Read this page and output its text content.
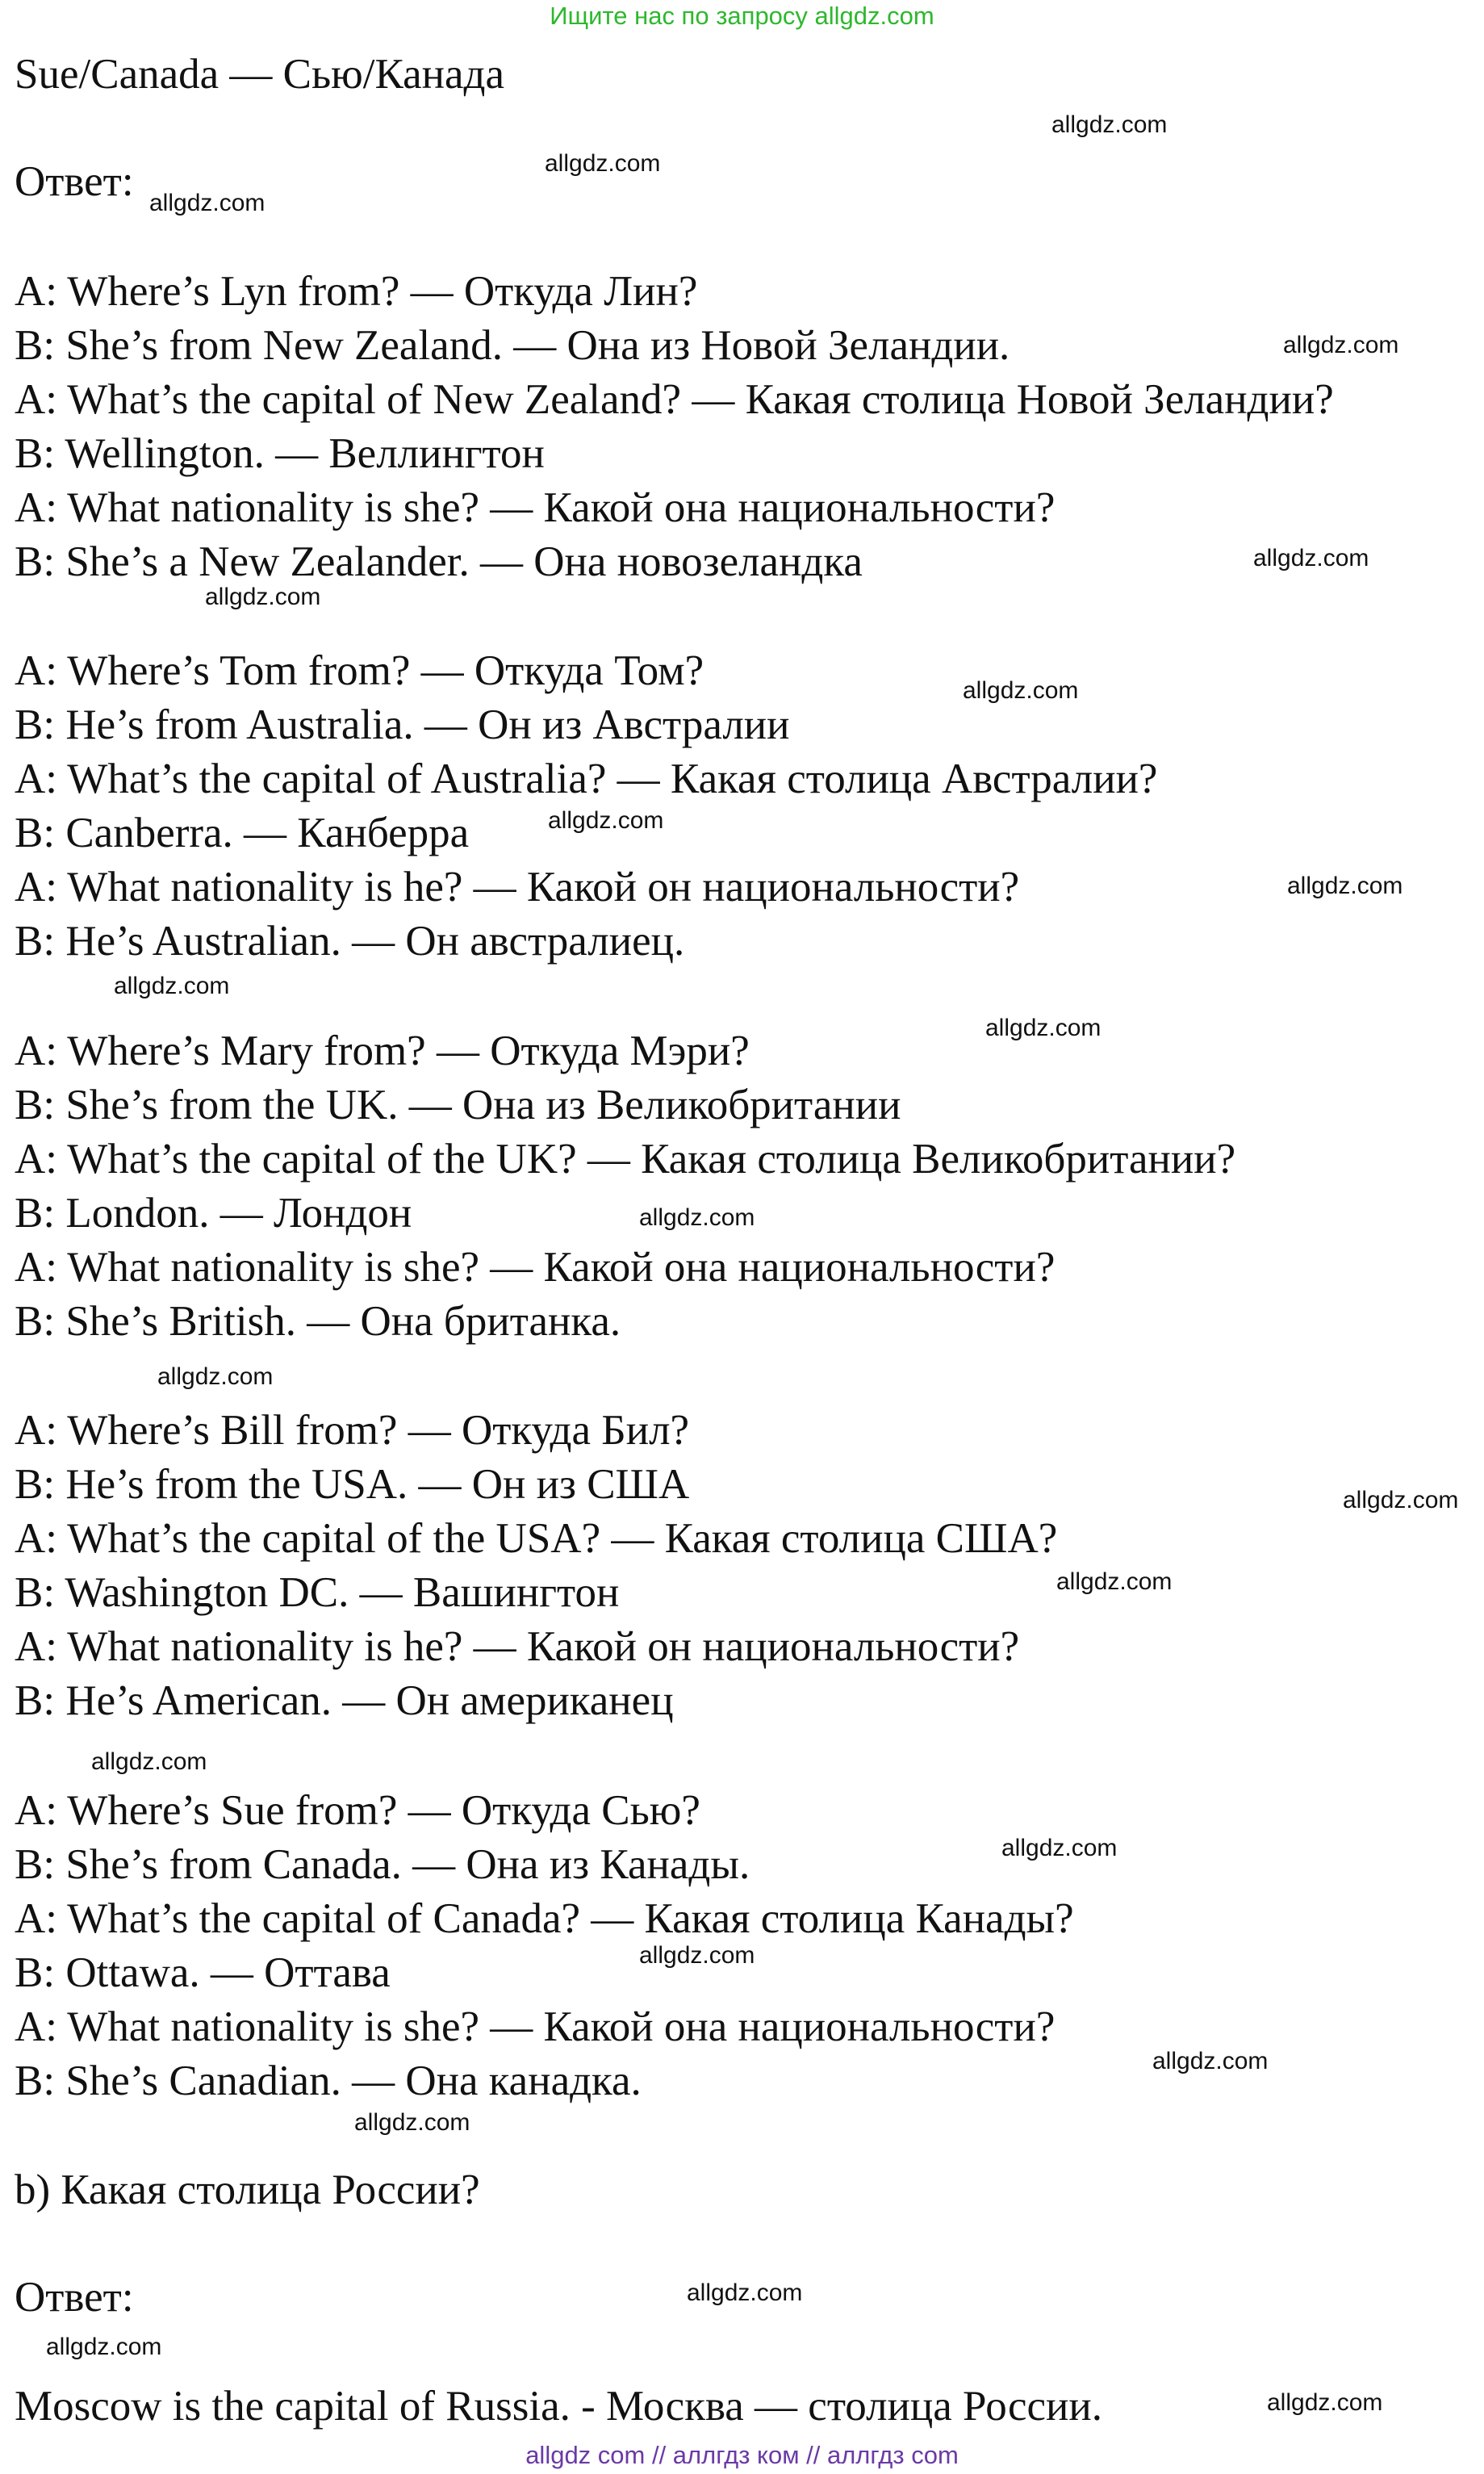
Ищите нас по запросу allgdz.com
Sue/Canada — Сью/Канада
Ответ:
A: Where’s Lyn from? — Откуда Лин?
B: She’s from New Zealand. — Она из Новой Зеландии.
A: What’s the capital of New Zealand? — Какая столица Новой Зеландии?
B: Wellington. — Веллингтон
A: What nationality is she? — Какой она национальности?
B: She’s a New Zealander. — Она новозеландка
A: Where’s Tom from? — Откуда Том?
B: He’s from Australia. — Он из Австралии
A: What’s the capital of Australia? — Какая столица Австралии?
B: Canberra. — Канберра
A: What nationality is he? — Какой он национальности?
B: He’s Australian. — Он австралиец.
A: Where’s Mary from? — Откуда Мэри?
B: She’s from the UK. — Она из Великобритании
A: What’s the capital of the UK? — Какая столица Великобритании?
B: London. — Лондон
A: What nationality is she? — Какой она национальности?
B: She’s British. — Она британка.
A: Where’s Bill from? — Откуда Бил?
B: He’s from the USA. — Он из США
A: What’s the capital of the USA? — Какая столица США?
B: Washington DC. — Вашингтон
A: What nationality is he? — Какой он национальности?
B: He’s American. — Он американец
A: Where’s Sue from? — Откуда Сью?
B: She’s from Canada. — Она из Канады.
A: What’s the capital of Canada? — Какая столица Канады?
B: Ottawa. — Оттава
A: What nationality is she? — Какой она национальности?
B: She’s Canadian. — Она канадка.
b) Какая столица России?
Ответ:
Moscow is the capital of Russia. - Москва — столица России.
allgdz.com
allgdz.com
allgdz.com
allgdz.com
allgdz.com
allgdz.com
allgdz.com
allgdz.com
allgdz.com
allgdz.com
allgdz.com
allgdz.com
allgdz.com
allgdz.com
allgdz.com
allgdz.com
allgdz.com
allgdz.com
allgdz.com
allgdz.com
allgdz.com
allgdz.com
allgdz.com
allgdz com // аллгдз ком // аллгдз com
